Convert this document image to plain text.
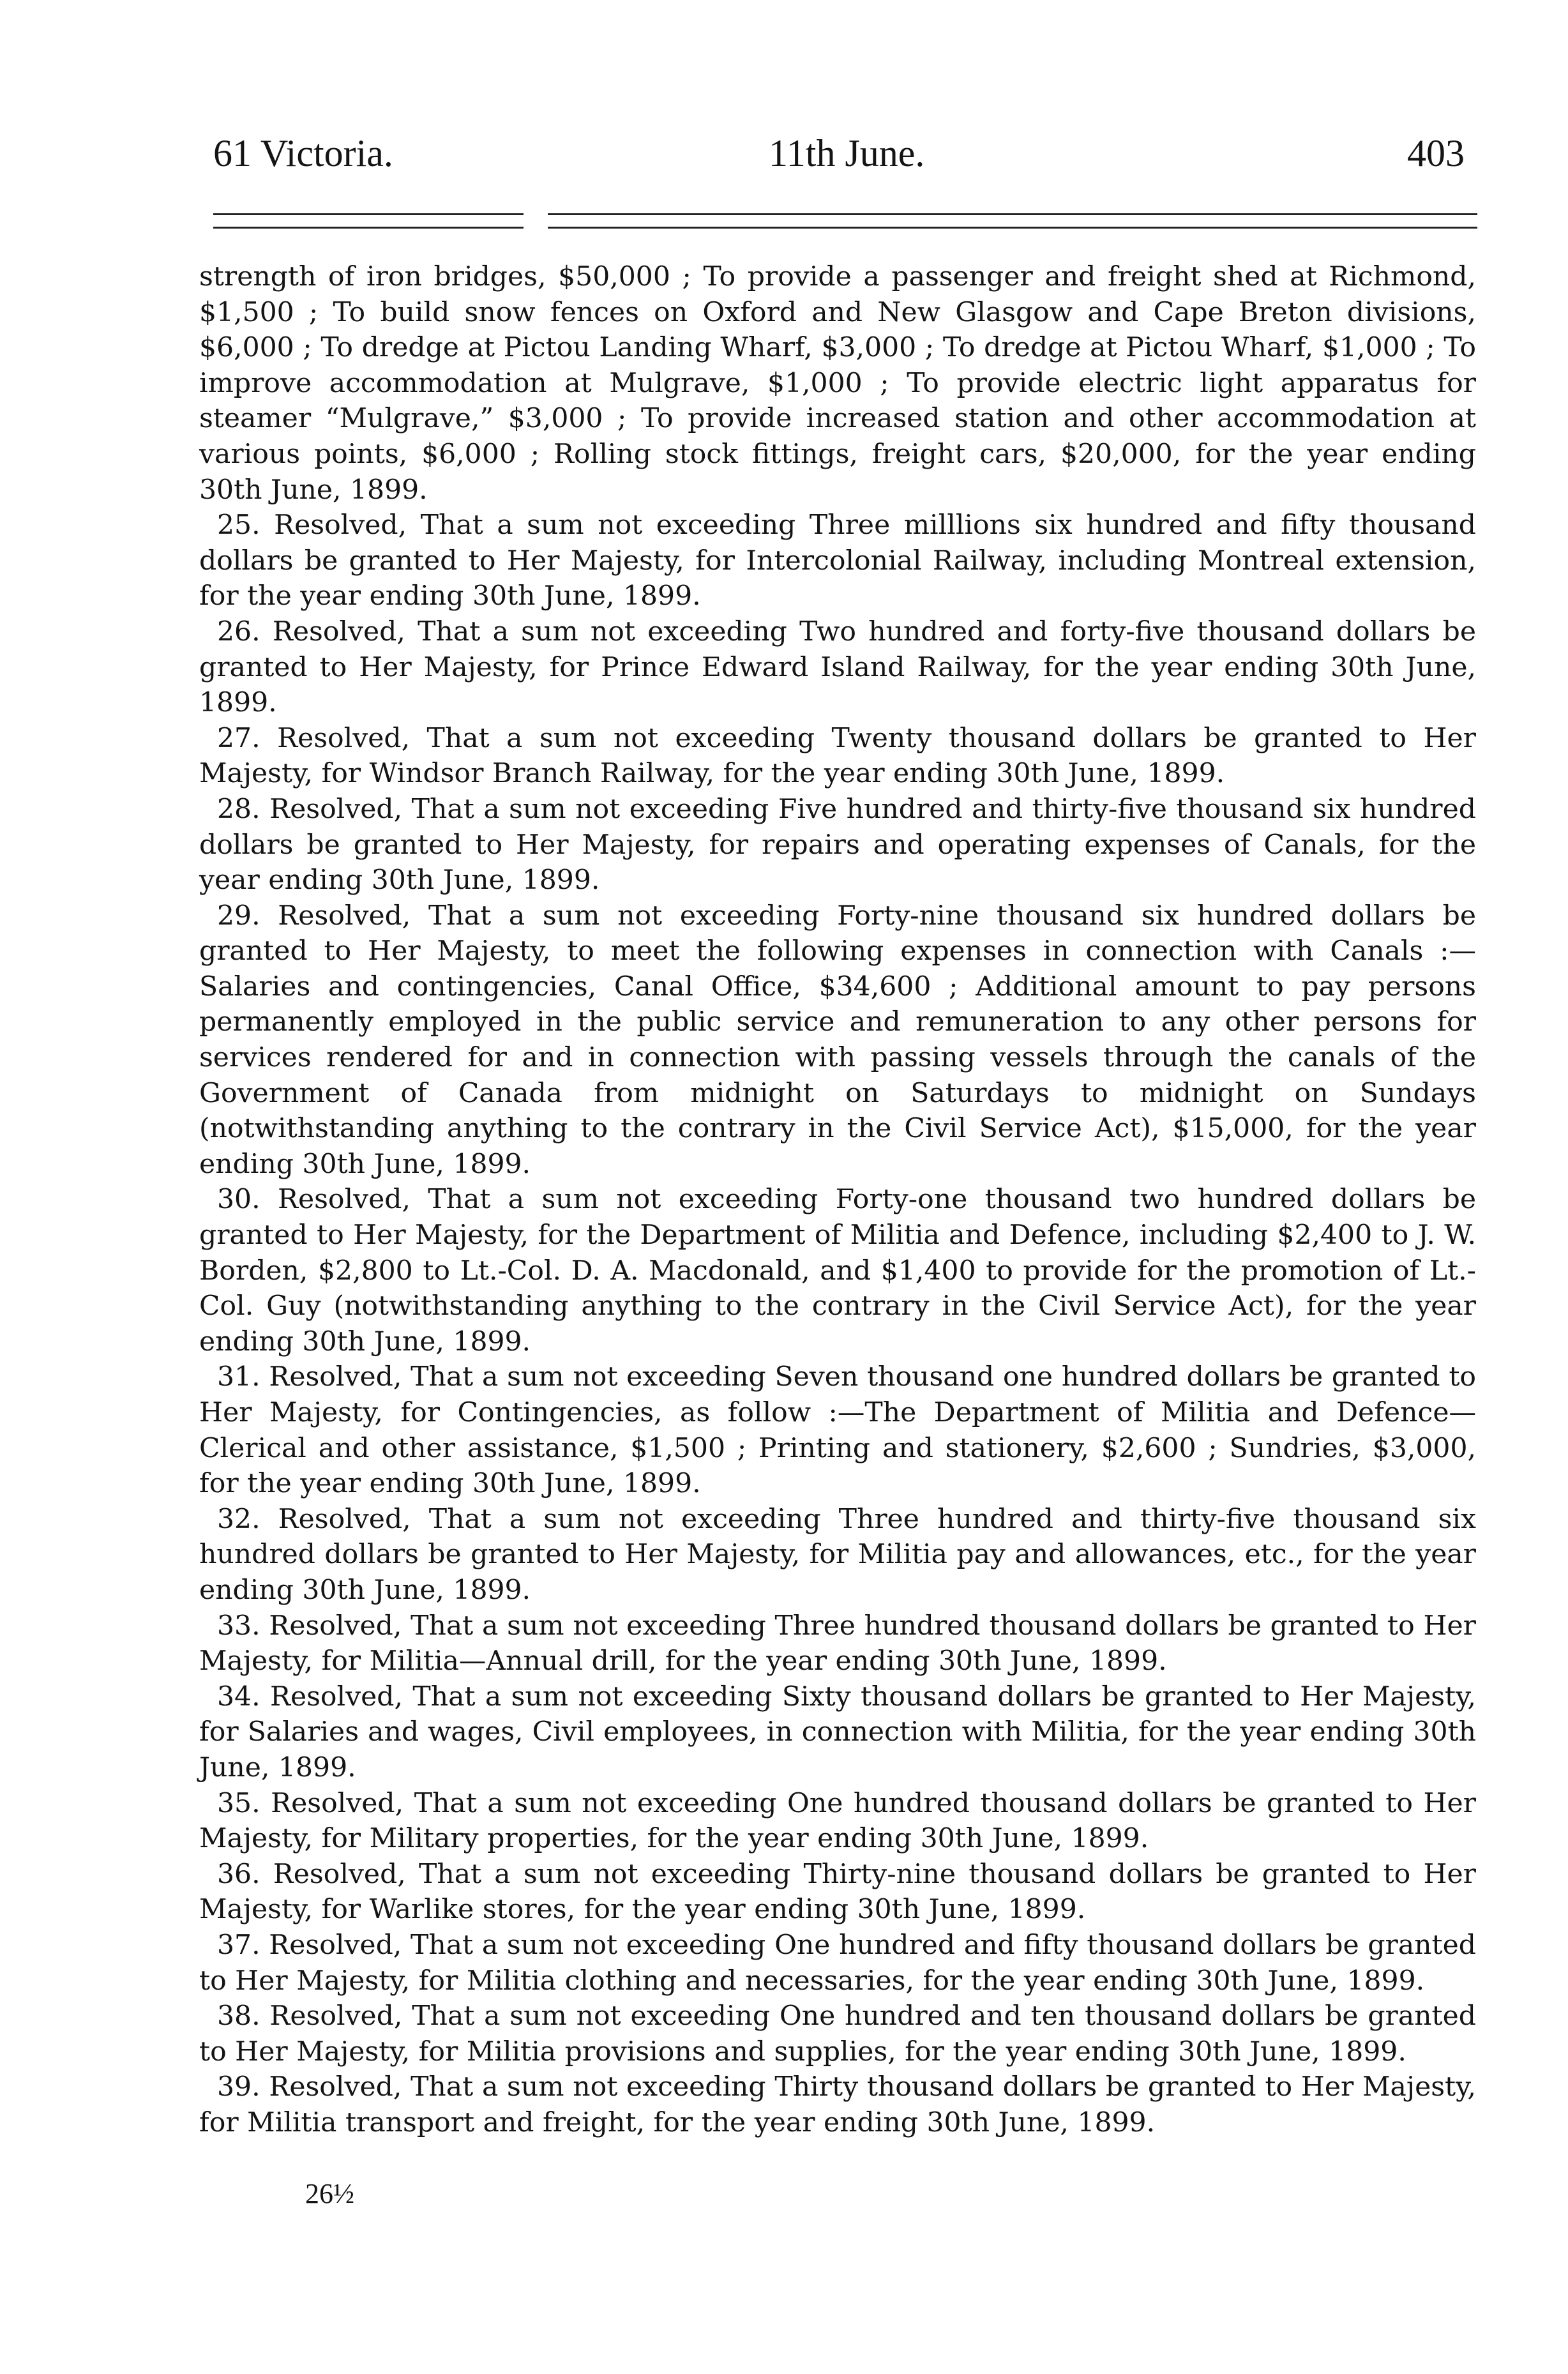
61 Victoria.	11th June.	403

strength of iron bridges, $50,000 ; To provide a passenger and freight shed at Richmond, $1,500 ; To build snow fences on Oxford and New Glasgow and Cape Breton divisions, $6,000 ; To dredge at Pictou Landing Wharf, $3,000 ; To dredge at Pictou Wharf, $1,000 ; To improve accommodation at Mulgrave, $1,000 ; To provide electric light apparatus for steamer “Mulgrave,” $3,000 ; To provide increased station and other accommodation at various points, $6,000 ; Rolling stock fittings, freight cars, $20,000, for the year ending 30th June, 1899.

25. Resolved, That a sum not exceeding Three milllions six hundred and fifty thousand dollars be granted to Her Majesty, for Intercolonial Railway, including Montreal extension, for the year ending 30th June, 1899.

26. Resolved, That a sum not exceeding Two hundred and forty-five thousand dollars be granted to Her Majesty, for Prince Edward Island Railway, for the year ending 30th June, 1899.

27. Resolved, That a sum not exceeding Twenty thousand dollars be granted to Her Majesty, for Windsor Branch Railway, for the year ending 30th June, 1899.

28. Resolved, That a sum not exceeding Five hundred and thirty-five thousand six hundred dollars be granted to Her Majesty, for repairs and operating expenses of Canals, for the year ending 30th June, 1899.

29. Resolved, That a sum not exceeding Forty-nine thousand six hundred dollars be granted to Her Majesty, to meet the following expenses in connection with Canals :— Salaries and contingencies, Canal Office, $34,600 ; Additional amount to pay persons permanently employed in the public service and remuneration to any other persons for services rendered for and in connection with passing vessels through the canals of the Government of Canada from midnight on Saturdays to midnight on Sundays (notwithstanding anything to the contrary in the Civil Service Act), $15,000, for the year ending 30th June, 1899.

30. Resolved, That a sum not exceeding Forty-one thousand two hundred dollars be granted to Her Majesty, for the Department of Militia and Defence, including $2,400 to J. W. Borden, $2,800 to Lt.-Col. D. A. Macdonald, and $1,400 to provide for the promotion of Lt.-Col. Guy (notwithstanding anything to the contrary in the Civil Service Act), for the year ending 30th June, 1899.

31. Resolved, That a sum not exceeding Seven thousand one hundred dollars be granted to Her Majesty, for Contingencies, as follow :—The Department of Militia and Defence—Clerical and other assistance, $1,500 ; Printing and stationery, $2,600 ; Sundries, $3,000, for the year ending 30th June, 1899.

32. Resolved, That a sum not exceeding Three hundred and thirty-five thousand six hundred dollars be granted to Her Majesty, for Militia pay and allowances, etc., for the year ending 30th June, 1899.

33. Resolved, That a sum not exceeding Three hundred thousand dollars be granted to Her Majesty, for Militia—Annual drill, for the year ending 30th June, 1899.

34. Resolved, That a sum not exceeding Sixty thousand dollars be granted to Her Majesty, for Salaries and wages, Civil employees, in connection with Militia, for the year ending 30th June, 1899.

35. Resolved, That a sum not exceeding One hundred thousand dollars be granted to Her Majesty, for Military properties, for the year ending 30th June, 1899.

36. Resolved, That a sum not exceeding Thirty-nine thousand dollars be granted to Her Majesty, for Warlike stores, for the year ending 30th June, 1899.

37. Resolved, That a sum not exceeding One hundred and fifty thousand dollars be granted to Her Majesty, for Militia clothing and necessaries, for the year ending 30th June, 1899.

38. Resolved, That a sum not exceeding One hundred and ten thousand dollars be granted to Her Majesty, for Militia provisions and supplies, for the year ending 30th June, 1899.

39. Resolved, That a sum not exceeding Thirty thousand dollars be granted to Her Majesty, for Militia transport and freight, for the year ending 30th June, 1899.

26½
